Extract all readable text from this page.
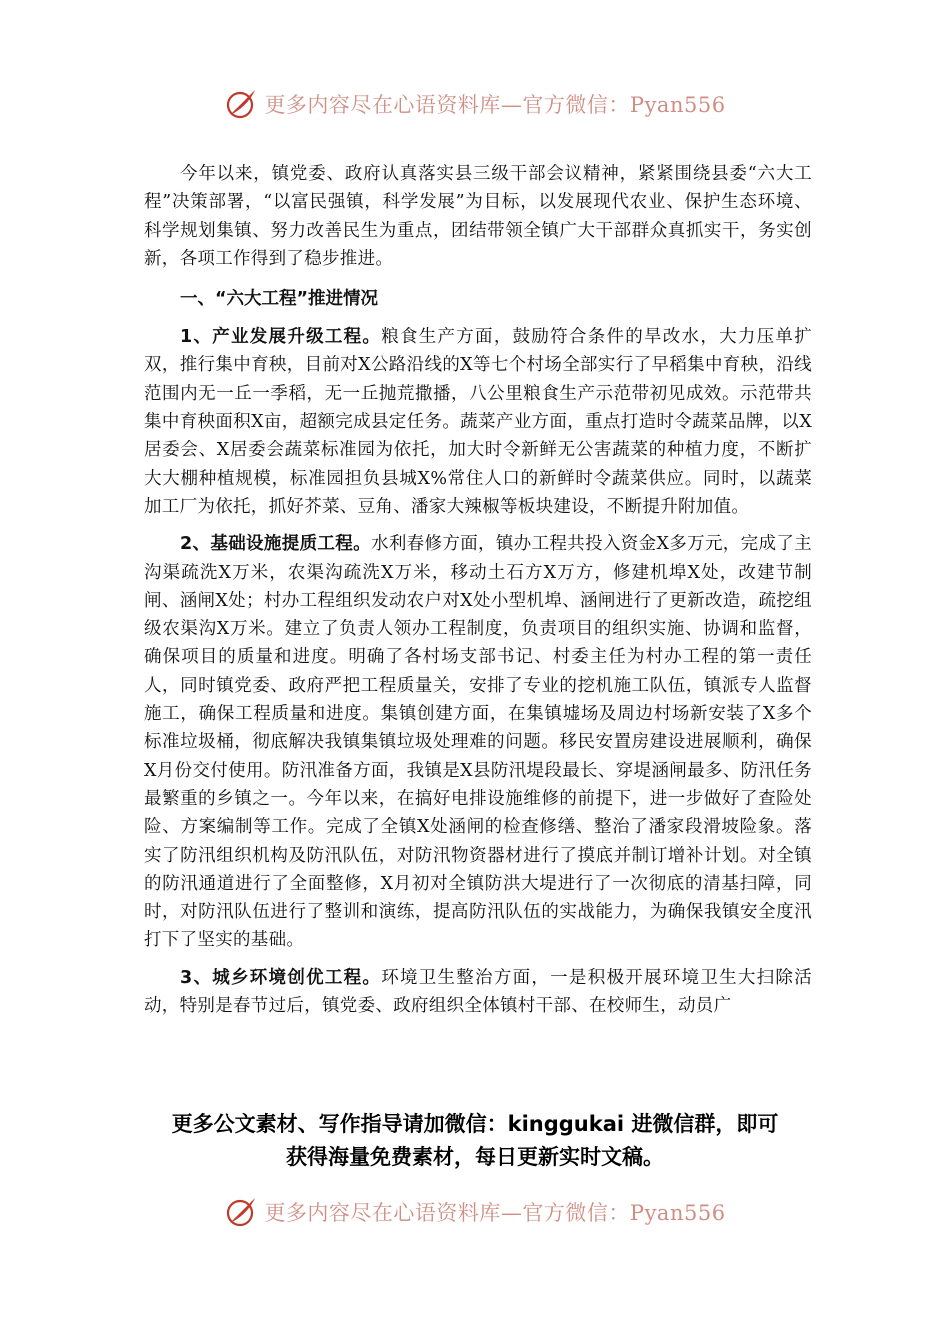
更多内容尽在心语资料库—官方微信：Pyan556

今年以来，镇党委、政府认真落实县三级干部会议精神，紧紧围绕县委“六大工程”决策部署，“以富民强镇，科学发展”为目标，以发展现代农业、保护生态环境、科学规划集镇、努力改善民生为重点，团结带领全镇广大干部群众真抓实干，务实创新，各项工作得到了稳步推进。

一、“六大工程”推进情况

1、产业发展升级工程。粮食生产方面，鼓励符合条件的旱改水，大力压单扩双，推行集中育秧，目前对X公路沿线的X等七个村场全部实行了早稻集中育秧，沿线范围内无一丘一季稻，无一丘抛荒撒播，八公里粮食生产示范带初见成效。示范带共集中育秧面积X亩，超额完成县定任务。蔬菜产业方面，重点打造时令蔬菜品牌，以X居委会、X居委会蔬菜标准园为依托，加大时令新鲜无公害蔬菜的种植力度，不断扩大大棚种植规模，标准园担负县城X%常住人口的新鲜时令蔬菜供应。同时，以蔬菜加工厂为依托，抓好芥菜、豆角、潘家大辣椒等板块建设，不断提升附加值。

2、基础设施提质工程。水利春修方面，镇办工程共投入资金X多万元，完成了主沟渠疏洗X万米，农渠沟疏洗X万米，移动土石方X万方，修建机埠X处，改建节制闸、涵闸X处；村办工程组织发动农户对X处小型机埠、涵闸进行了更新改造，疏挖组级农渠沟X万米。建立了负责人领办工程制度，负责项目的组织实施、协调和监督，确保项目的质量和进度。明确了各村场支部书记、村委主任为村办工程的第一责任人，同时镇党委、政府严把工程质量关，安排了专业的挖机施工队伍，镇派专人监督施工，确保工程质量和进度。集镇创建方面，在集镇墟场及周边村场新安装了X多个标准垃圾桶，彻底解决我镇集镇垃圾处理难的问题。移民安置房建设进展顺利，确保X月份交付使用。防汛准备方面，我镇是X县防汛堤段最长、穿堤涵闸最多、防汛任务最繁重的乡镇之一。今年以来，在搞好电排设施维修的前提下，进一步做好了查险处险、方案编制等工作。完成了全镇X处涵闸的检查修缮、整治了潘家段滑坡险象。落实了防汛组织机构及防汛队伍，对防汛物资器材进行了摸底并制订增补计划。对全镇的防汛通道进行了全面整修，X月初对全镇防洪大堤进行了一次彻底的清基扫障，同时，对防汛队伍进行了整训和演练，提高防汛队伍的实战能力，为确保我镇安全度汛打下了坚实的基础。

3、城乡环境创优工程。环境卫生整治方面，一是积极开展环境卫生大扫除活动，特别是春节过后，镇党委、政府组织全体镇村干部、在校师生，动员广

更多公文素材、写作指导请加微信：kinggukai 进微信群，即可
获得海量免费素材，每日更新实时文稿。
更多内容尽在心语资料库—官方微信：Pyan556
